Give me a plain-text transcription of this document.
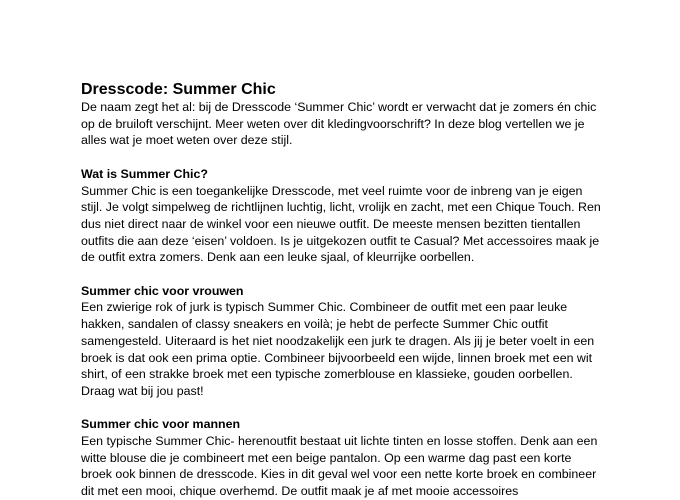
Dresscode: Summer Chic

De naam zegt het al: bij de Dresscode ‘Summer Chic’ wordt er verwacht dat je zomers én chic op de bruiloft verschijnt. Meer weten over dit kledingvoorschrift? In deze blog vertellen we je alles wat je moet weten over deze stijl.

Wat is Summer Chic?

Summer Chic is een toegankelijke Dresscode, met veel ruimte voor de inbreng van je eigen stijl. Je volgt simpelweg de richtlijnen luchtig, licht, vrolijk en zacht, met een Chique Touch. Ren dus niet direct naar de winkel voor een nieuwe outfit. De meeste mensen bezitten tientallen outfits die aan deze ‘eisen’ voldoen. Is je uitgekozen outfit te Casual? Met accessoires maak je de outfit extra zomers. Denk aan een leuke sjaal, of kleurrijke oorbellen.

Summer chic voor vrouwen

Een zwierige rok of jurk is typisch Summer Chic. Combineer de outfit met een paar leuke hakken, sandalen of classy sneakers en voilà; je hebt de perfecte Summer Chic outfit samengesteld. Uiteraard is het niet noodzakelijk een jurk te dragen. Als jij je beter voelt in een broek is dat ook een prima optie. Combineer bijvoorbeeld een wijde, linnen broek met een wit shirt, of een strakke broek met een typische zomerblouse en klassieke, gouden oorbellen. Draag wat bij jou past!

Summer chic voor mannen

Een typische Summer Chic- herenoutfit bestaat uit lichte tinten en losse stoffen. Denk aan een witte blouse die je combineert met een beige pantalon. Op een warme dag past een korte broek ook binnen de dresscode. Kies in dit geval wel voor een nette korte broek en combineer dit met een mooi, chique overhemd. De outfit maak je af met mooie accessoires
